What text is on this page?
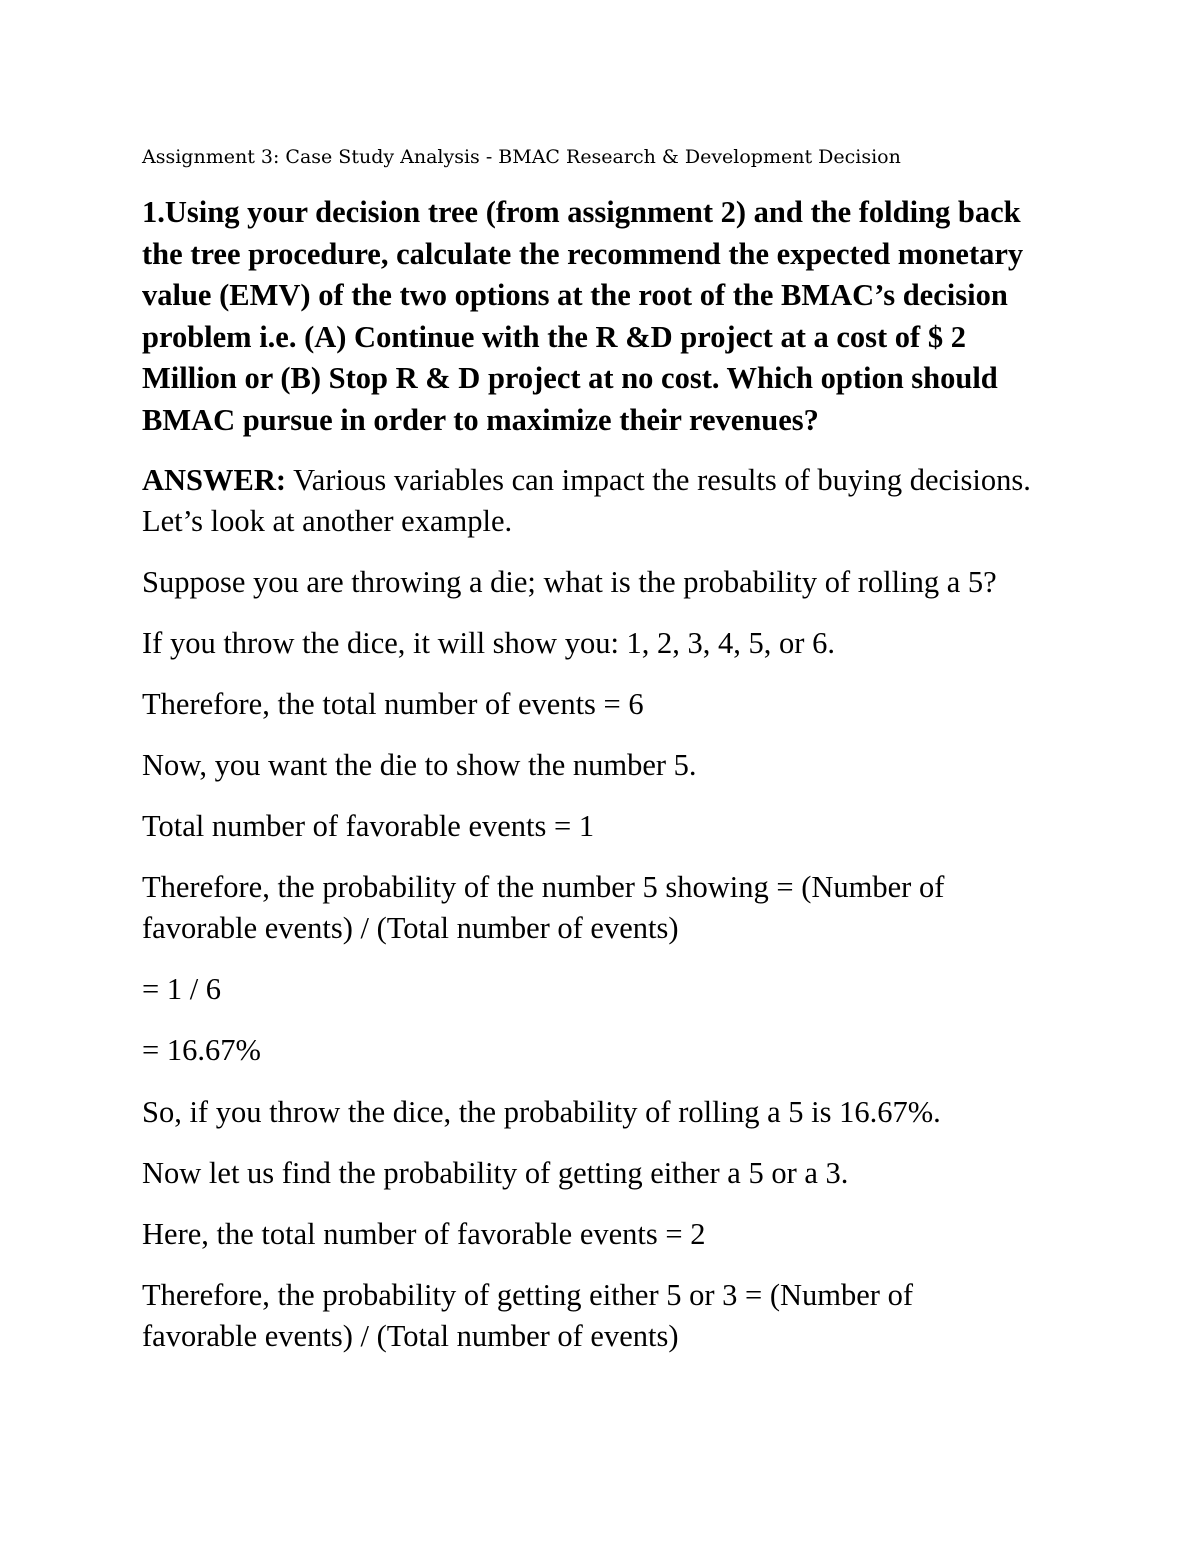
Assignment 3: Case Study Analysis - BMAC Research & Development Decision
1.Using your decision tree (from assignment 2) and the folding back
the tree procedure, calculate the recommend the expected monetary
value (EMV) of the two options at the root of the BMAC’s decision
problem i.e. (A) Continue with the R &D project at a cost of $ 2
Million or (B) Stop R & D project at no cost. Which option should
BMAC pursue in order to maximize their revenues?
ANSWER: Various variables can impact the results of buying decisions.
Let’s look at another example.
Suppose you are throwing a die; what is the probability of rolling a 5?
If you throw the dice, it will show you: 1, 2, 3, 4, 5, or 6.
Therefore, the total number of events = 6
Now, you want the die to show the number 5.
Total number of favorable events = 1
Therefore, the probability of the number 5 showing = (Number of
favorable events) / (Total number of events)
= 1 / 6
= 16.67%
So, if you throw the dice, the probability of rolling a 5 is 16.67%.
Now let us find the probability of getting either a 5 or a 3.
Here, the total number of favorable events = 2
Therefore, the probability of getting either 5 or 3 = (Number of
favorable events) / (Total number of events)
